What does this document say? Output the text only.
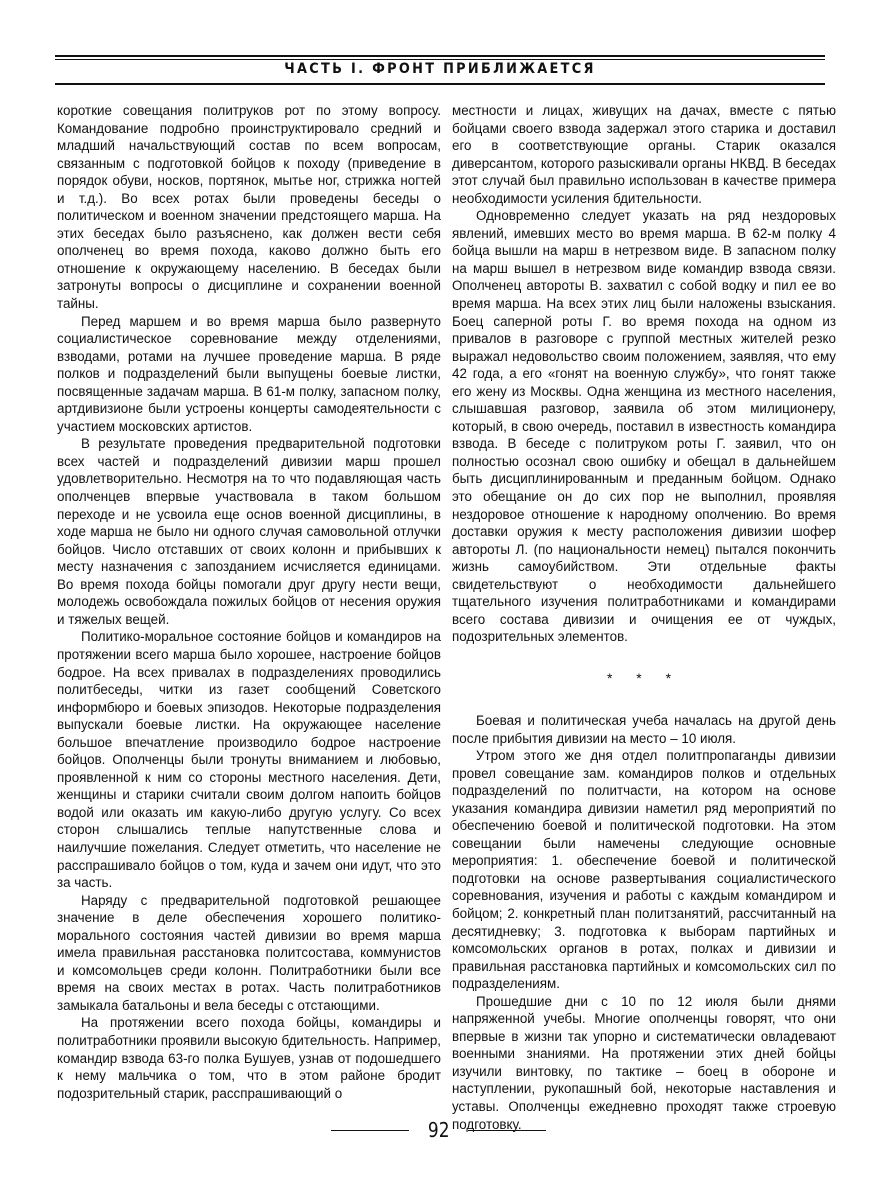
ЧАСТЬ I. ФРОНТ ПРИБЛИЖАЕТСЯ

короткие совещания политруков рот по этому вопросу. Командование подробно проинструктировало средний и младший начальствующий состав по всем вопросам, связанным с подготовкой бойцов к походу (приведение в порядок обуви, носков, портянок, мытье ног, стрижка ногтей и т.д.). Во всех ротах были проведены беседы о политическом и военном значении предстоящего марша. На этих беседах было разъяснено, как должен вести себя ополченец во время похода, каково должно быть его отношение к окружающему населению. В беседах были затронуты вопросы о дисциплине и сохранении военной тайны.

Перед маршем и во время марша было развернуто социалистическое соревнование между отделениями, взводами, ротами на лучшее проведение марша. В ряде полков и подразделений были выпущены боевые листки, посвященные задачам марша. В 61-м полку, запасном полку, артдивизионе были устроены концерты самодеятельности с участием московских артистов.

В результате проведения предварительной подготовки всех частей и подразделений дивизии марш прошел удовлетворительно. Несмотря на то что подавляющая часть ополченцев впервые участвовала в таком большом переходе и не усвоила еще основ военной дисциплины, в ходе марша не было ни одного случая самовольной отлучки бойцов. Число отставших от своих колонн и прибывших к месту назначения с запозданием исчисляется единицами. Во время похода бойцы помогали друг другу нести вещи, молодежь освобождала пожилых бойцов от несения оружия и тяжелых вещей.

Политико-моральное состояние бойцов и командиров на протяжении всего марша было хорошее, настроение бойцов бодрое. На всех привалах в подразделениях проводились политбеседы, читки из газет сообщений Советского информбюро и боевых эпизодов. Некоторые подразделения выпускали боевые листки. На окружающее население большое впечатление производило бодрое настроение бойцов. Ополченцы были тронуты вниманием и любовью, проявленной к ним со стороны местного населения. Дети, женщины и старики считали своим долгом напоить бойцов водой или оказать им какую-либо другую услугу. Со всех сторон слышались теплые напутственные слова и наилучшие пожелания. Следует отметить, что население не расспрашивало бойцов о том, куда и зачем они идут, что это за часть.

Наряду с предварительной подготовкой решающее значение в деле обеспечения хорошего политико-морального состояния частей дивизии во время марша имела правильная расстановка политсостава, коммунистов и комсомольцев среди колонн. Политработники были все время на своих местах в ротах. Часть политработников замыкала батальоны и вела беседы с отстающими.

На протяжении всего похода бойцы, командиры и политработники проявили высокую бдительность. Например, командир взвода 63-го полка Бушуев, узнав от подошедшего к нему мальчика о том, что в этом районе бродит подозрительный старик, расспрашивающий о

местности и лицах, живущих на дачах, вместе с пятью бойцами своего взвода задержал этого старика и доставил его в соответствующие органы. Старик оказался диверсантом, которого разыскивали органы НКВД. В беседах этот случай был правильно использован в качестве примера необходимости усиления бдительности.

Одновременно следует указать на ряд нездоровых явлений, имевших место во время марша. В 62-м полку 4 бойца вышли на марш в нетрезвом виде. В запасном полку на марш вышел в нетрезвом виде командир взвода связи. Ополченец автороты В. захватил с собой водку и пил ее во время марша. На всех этих лиц были наложены взыскания. Боец саперной роты Г. во время похода на одном из привалов в разговоре с группой местных жителей резко выражал недовольство своим положением, заявляя, что ему 42 года, а его «гонят на военную службу», что гонят также его жену из Москвы. Одна женщина из местного населения, слышавшая разговор, заявила об этом милиционеру, который, в свою очередь, поставил в известность командира взвода. В беседе с политруком роты Г. заявил, что он полностью осознал свою ошибку и обещал в дальнейшем быть дисциплинированным и преданным бойцом. Однако это обещание он до сих пор не выполнил, проявляя нездоровое отношение к народному ополчению. Во время доставки оружия к месту расположения дивизии шофер автороты Л. (по национальности немец) пытался покончить жизнь самоубийством. Эти отдельные факты свидетельствуют о необходимости дальнейшего тщательного изучения политработниками и командирами всего состава дивизии и очищения ее от чуждых, подозрительных элементов.

* * *

Боевая и политическая учеба началась на другой день после прибытия дивизии на место – 10 июля.

Утром этого же дня отдел политпропаганды дивизии провел совещание зам. командиров полков и отдельных подразделений по политчасти, на котором на основе указания командира дивизии наметил ряд мероприятий по обеспечению боевой и политической подготовки. На этом совещании были намечены следующие основные мероприятия: 1. обеспечение боевой и политической подготовки на основе развертывания социалистического соревнования, изучения и работы с каждым командиром и бойцом; 2. конкретный план политзанятий, рассчитанный на десятидневку; 3. подготовка к выборам партийных и комсомольских органов в ротах, полках и дивизии и правильная расстановка партийных и комсомольских сил по подразделениям.

Прошедшие дни с 10 по 12 июля были днями напряженной учебы. Многие ополченцы говорят, что они впервые в жизни так упорно и систематически овладевают военными знаниями. На протяжении этих дней бойцы изучили винтовку, по тактике – боец в обороне и наступлении, рукопашный бой, некоторые наставления и уставы. Ополченцы ежедневно проходят также строевую подготовку.

92
